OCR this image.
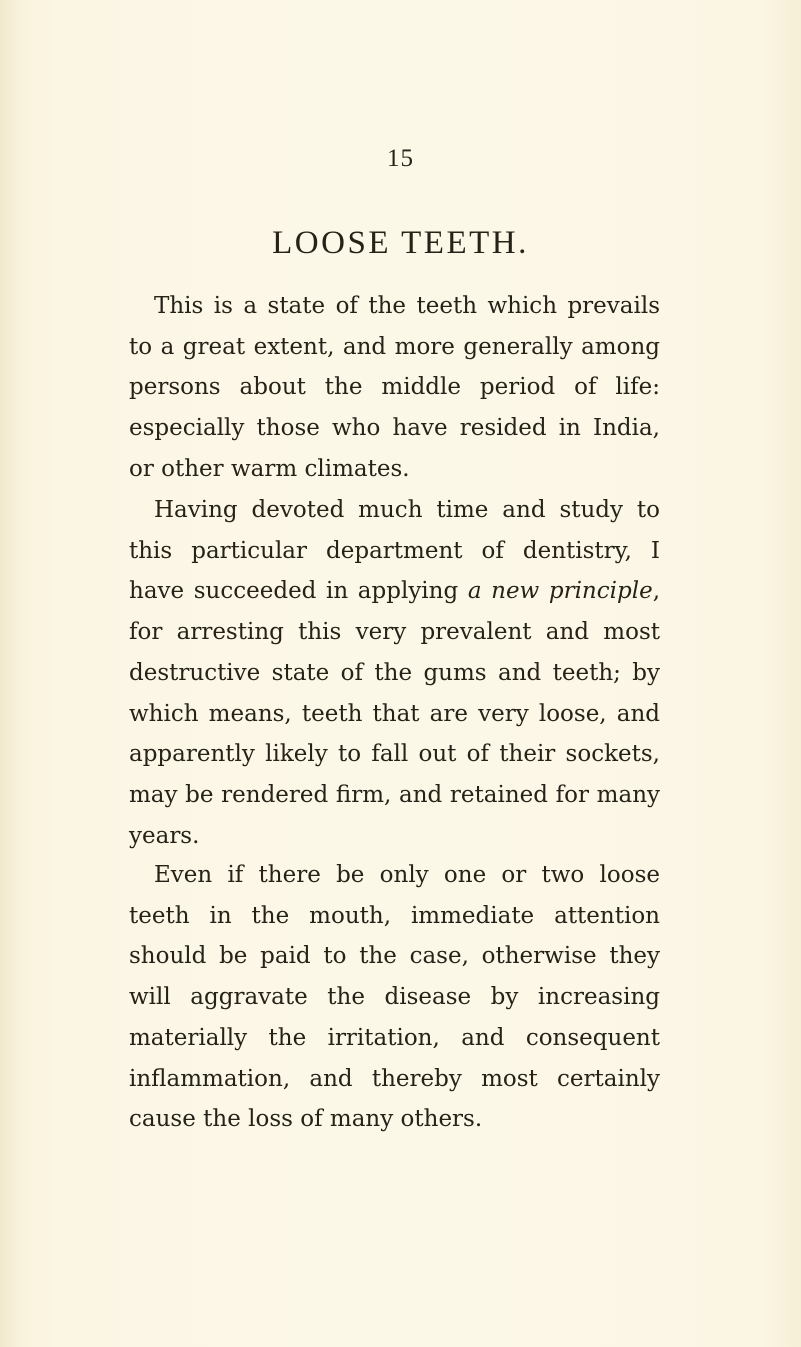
15
LOOSE TEETH.

This is a state of the teeth which prevails to a great extent, and more generally among persons about the middle period of life: especially those who have resided in India, or other warm climates.

Having devoted much time and study to this particular department of dentistry, I have succeeded in applying a new principle, for arresting this very prevalent and most destructive state of the gums and teeth; by which means, teeth that are very loose, and apparently likely to fall out of their sockets, may be rendered firm, and retained for many years.

Even if there be only one or two loose teeth in the mouth, immediate attention should be paid to the case, otherwise they will aggravate the disease by increasing materially the irritation, and consequent inflammation, and thereby most certainly cause the loss of many others.
